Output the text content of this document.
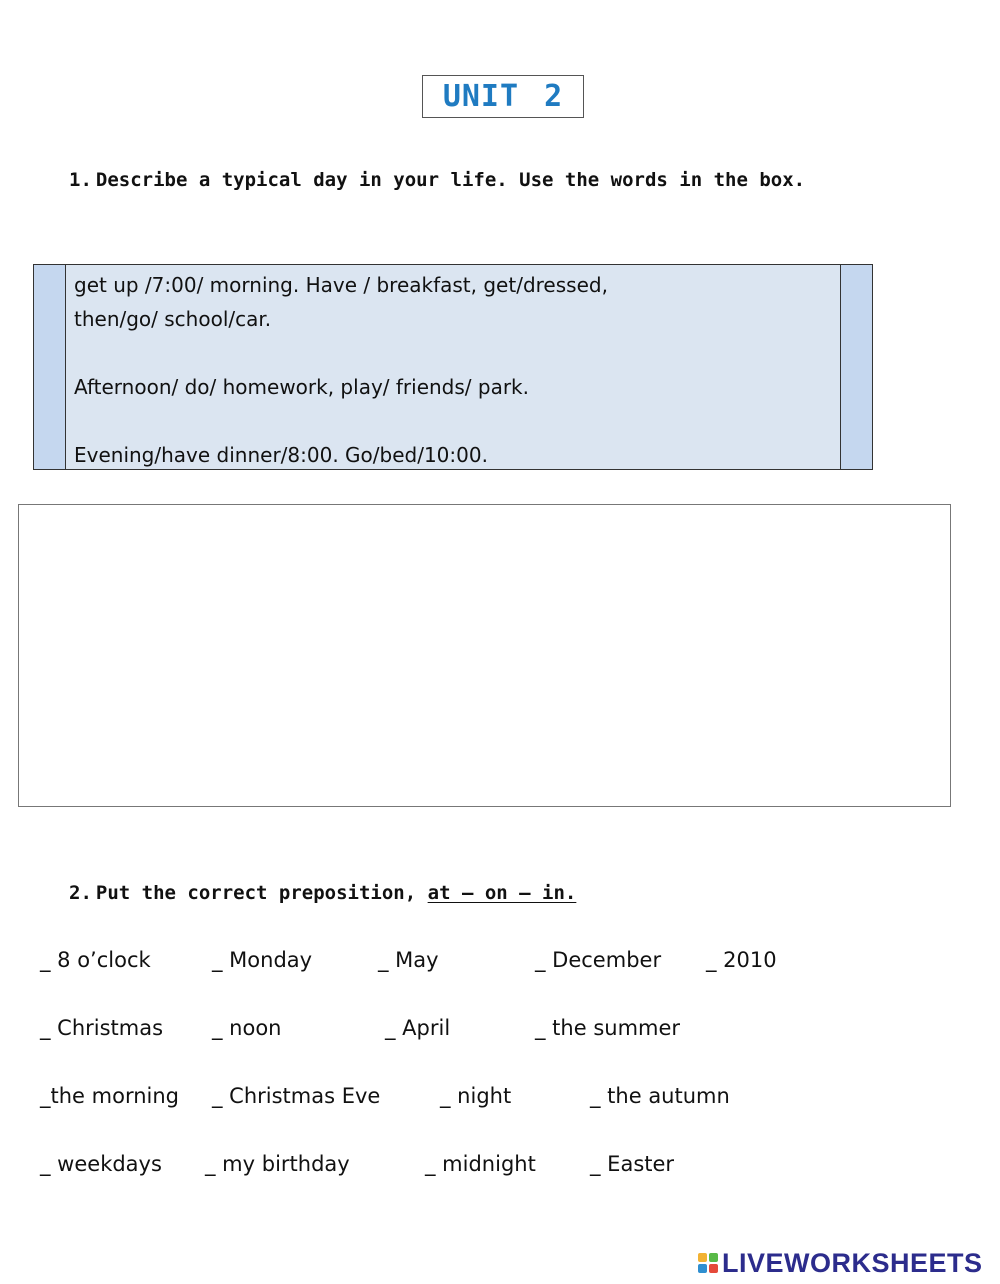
UNIT 2
1. Describe a typical day in your life. Use the words in the box.

get up /7:00/ morning. Have / breakfast, get/dressed,

then/go/ school/car.

Afternoon/ do/ homework, play/ friends/ park.

Evening/have dinner/8:00. Go/bed/10:00.

2. Put the correct preposition, at – on – in.
_ 8 o’clock	_ Monday	_ May	_ December _ 2010
_ Christmas _ noon	_ April	_ the summer
_the morning _ Christmas Eve	_ night	_ the autumn
_ weekdays _ my birthday	_ midnight	_ Easter
LIVEWORKSHEETS
